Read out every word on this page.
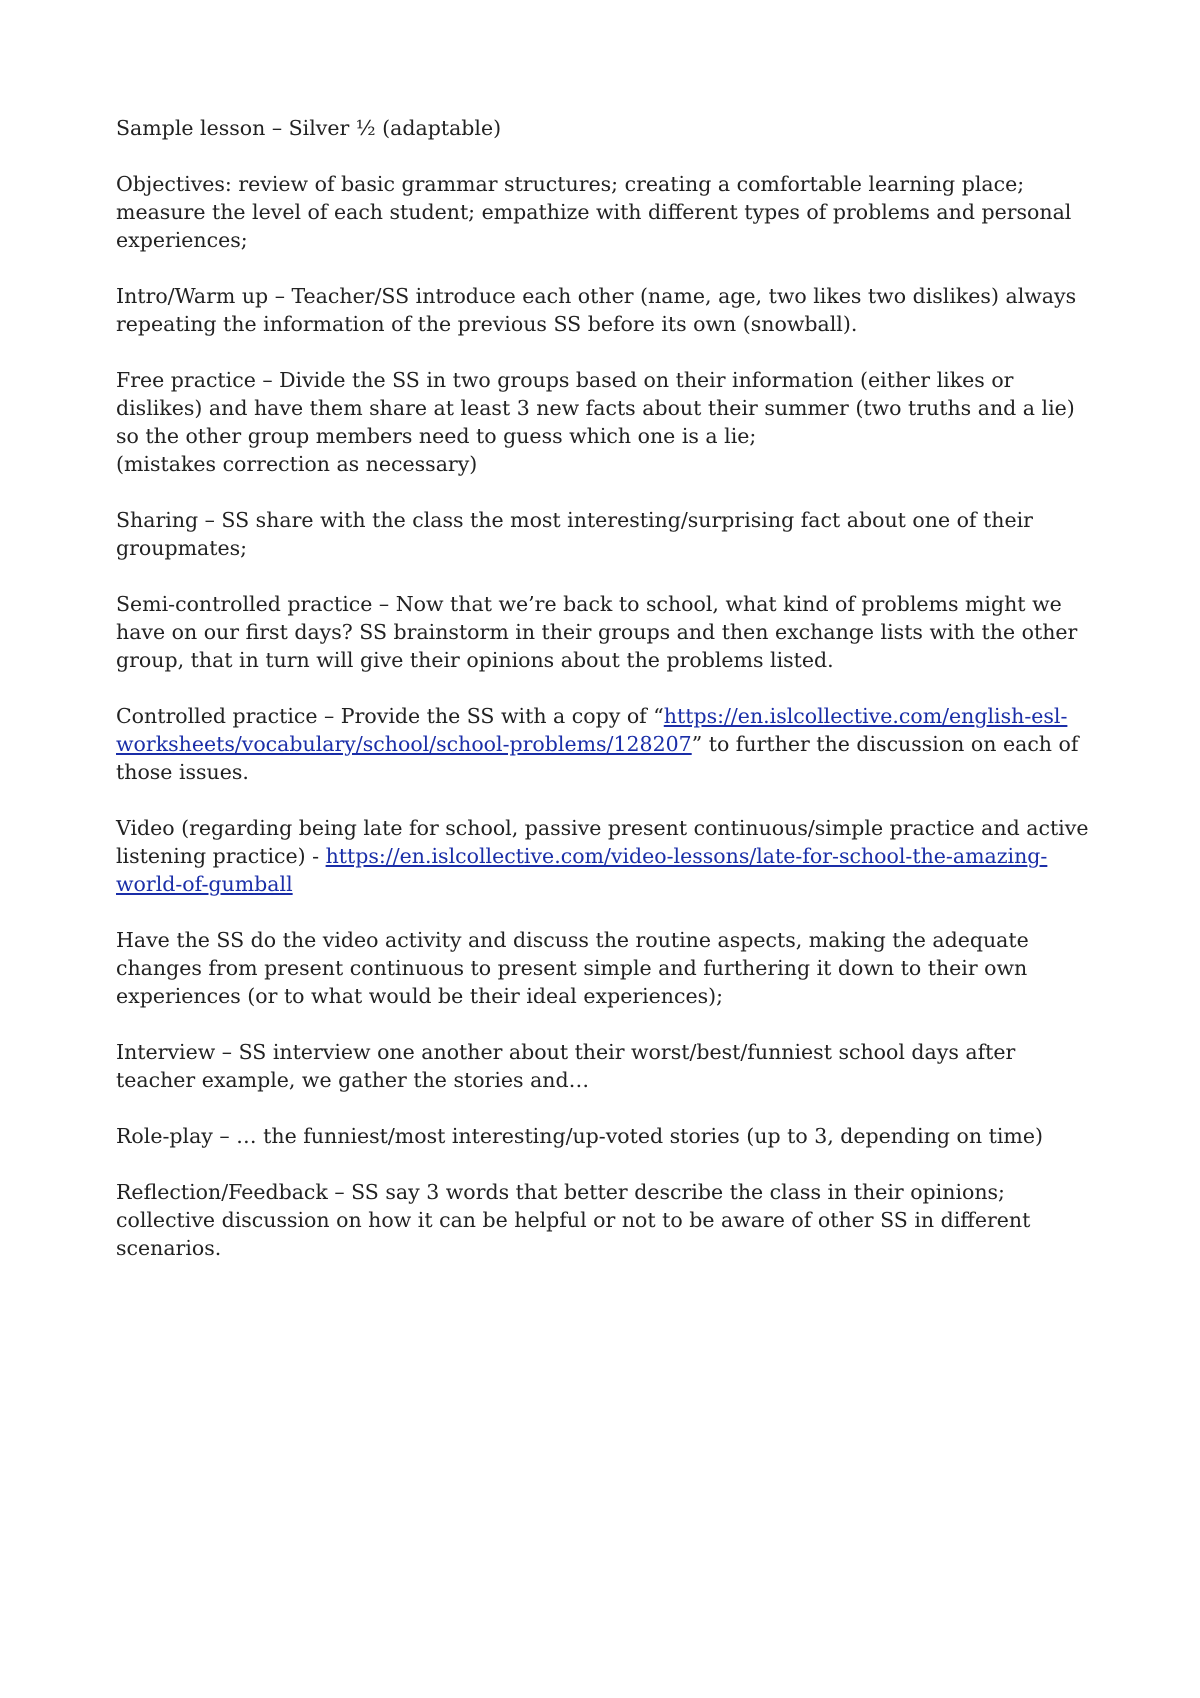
Sample lesson – Silver ½ (adaptable)

Objectives: review of basic grammar structures; creating a comfortable learning place; measure the level of each student; empathize with different types of problems and personal experiences;

Intro/Warm up – Teacher/SS introduce each other (name, age, two likes two dislikes) always repeating the information of the previous SS before its own (snowball).

Free practice – Divide the SS in two groups based on their information (either likes or dislikes) and have them share at least 3 new facts about their summer (two truths and a lie) so the other group members need to guess which one is a lie;
(mistakes correction as necessary)

Sharing – SS share with the class the most interesting/surprising fact about one of their groupmates;

Semi-controlled practice – Now that we’re back to school, what kind of problems might we have on our first days? SS brainstorm in their groups and then exchange lists with the other group, that in turn will give their opinions about the problems listed.

Controlled practice – Provide the SS with a copy of “https://en.islcollective.com/english-esl-worksheets/vocabulary/school/school-problems/128207” to further the discussion on each of those issues.

Video (regarding being late for school, passive present continuous/simple practice and active listening practice) - https://en.islcollective.com/video-lessons/late-for-school-the-amazing-world-of-gumball

Have the SS do the video activity and discuss the routine aspects, making the adequate changes from present continuous to present simple and furthering it down to their own experiences (or to what would be their ideal experiences);

Interview – SS interview one another about their worst/best/funniest school days after teacher example, we gather the stories and…

Role-play – … the funniest/most interesting/up-voted stories (up to 3, depending on time)

Reflection/Feedback – SS say 3 words that better describe the class in their opinions; collective discussion on how it can be helpful or not to be aware of other SS in different scenarios.
